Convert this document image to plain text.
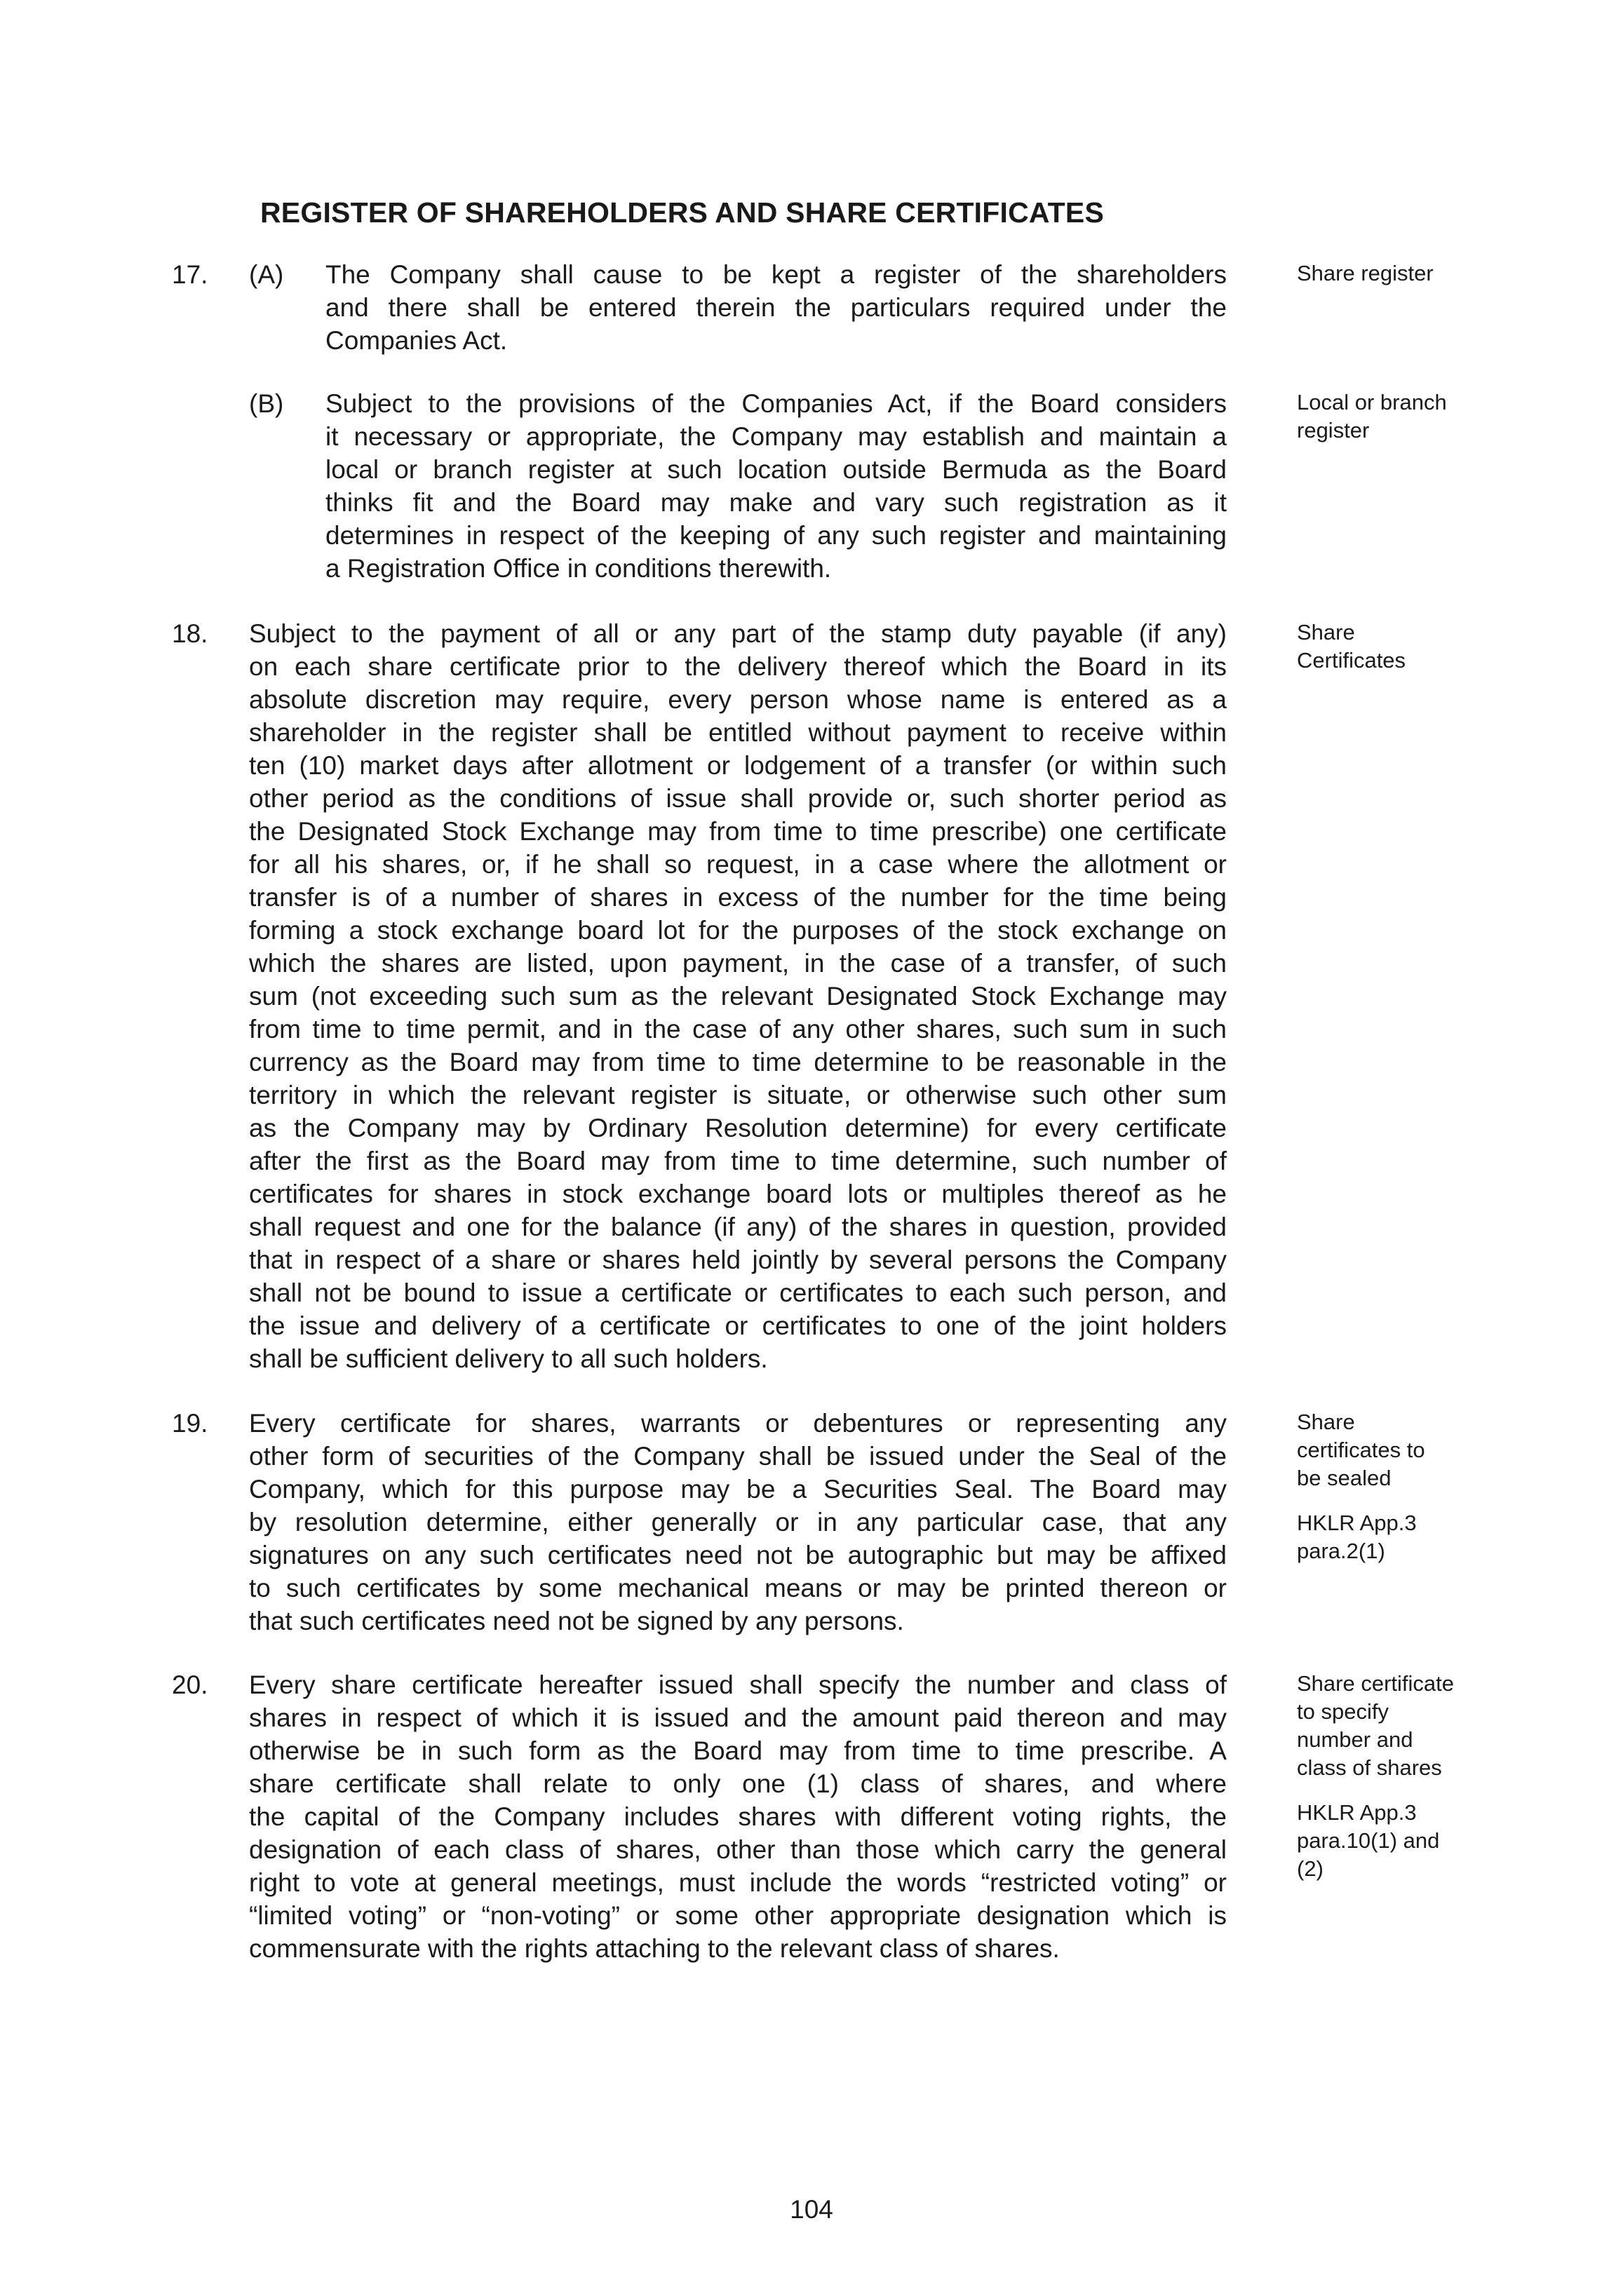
REGISTER OF SHAREHOLDERS AND SHARE CERTIFICATES
17. (A) The Company shall cause to be kept a register of the shareholders
and there shall be entered therein the particulars required under the
Companies Act.
Share register
(B) Subject to the provisions of the Companies Act, if the Board considers
it necessary or appropriate, the Company may establish and maintain a
local or branch register at such location outside Bermuda as the Board
thinks fit and the Board may make and vary such registration as it
determines in respect of the keeping of any such register and maintaining
a Registration Office in conditions therewith.
Local or branch
register
18. Subject to the payment of all or any part of the stamp duty payable (if any)
on each share certificate prior to the delivery thereof which the Board in its
absolute discretion may require, every person whose name is entered as a
shareholder in the register shall be entitled without payment to receive within
ten (10) market days after allotment or lodgement of a transfer (or within such
other period as the conditions of issue shall provide or, such shorter period as
the Designated Stock Exchange may from time to time prescribe) one certificate
for all his shares, or, if he shall so request, in a case where the allotment or
transfer is of a number of shares in excess of the number for the time being
forming a stock exchange board lot for the purposes of the stock exchange on
which the shares are listed, upon payment, in the case of a transfer, of such
sum (not exceeding such sum as the relevant Designated Stock Exchange may
from time to time permit, and in the case of any other shares, such sum in such
currency as the Board may from time to time determine to be reasonable in the
territory in which the relevant register is situate, or otherwise such other sum
as the Company may by Ordinary Resolution determine) for every certificate
after the first as the Board may from time to time determine, such number of
certificates for shares in stock exchange board lots or multiples thereof as he
shall request and one for the balance (if any) of the shares in question, provided
that in respect of a share or shares held jointly by several persons the Company
shall not be bound to issue a certificate or certificates to each such person, and
the issue and delivery of a certificate or certificates to one of the joint holders
shall be sufficient delivery to all such holders.
Share
Certificates
19. Every certificate for shares, warrants or debentures or representing any
other form of securities of the Company shall be issued under the Seal of the
Company, which for this purpose may be a Securities Seal. The Board may
by resolution determine, either generally or in any particular case, that any
signatures on any such certificates need not be autographic but may be affixed
to such certificates by some mechanical means or may be printed thereon or
that such certificates need not be signed by any persons.
Share
certificates to
be sealed
HKLR App.3
para.2(1)
20. Every share certificate hereafter issued shall specify the number and class of
shares in respect of which it is issued and the amount paid thereon and may
otherwise be in such form as the Board may from time to time prescribe. A
share certificate shall relate to only one (1) class of shares, and where
the capital of the Company includes shares with different voting rights, the
designation of each class of shares, other than those which carry the general
right to vote at general meetings, must include the words “restricted voting” or
“limited voting” or “non-voting” or some other appropriate designation which is
commensurate with the rights attaching to the relevant class of shares.
Share certificate
to specify
number and
class of shares
HKLR App.3
para.10(1) and
(2)
104
